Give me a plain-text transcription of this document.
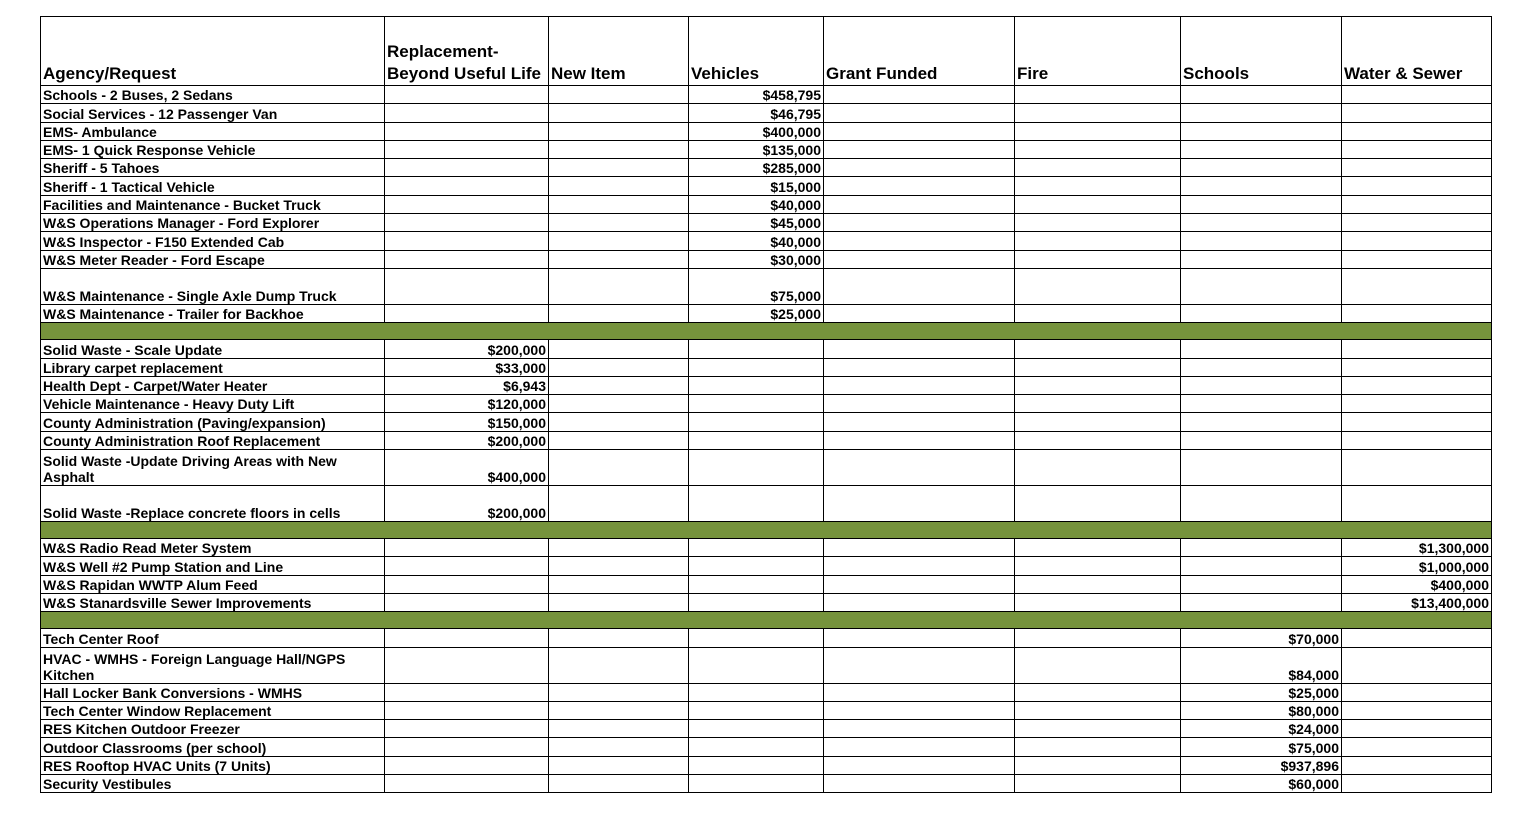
Agency/Request	Replacement- Beyond Useful Life	New Item	Vehicles	Grant Funded	Fire	Schools	Water & Sewer
Schools - 2 Buses, 2 Sedans			$458,795				
Social Services - 12 Passenger Van			$46,795				
EMS- Ambulance			$400,000				
EMS- 1 Quick Response Vehicle			$135,000				
Sheriff - 5 Tahoes			$285,000				
Sheriff - 1 Tactical Vehicle			$15,000				
Facilities and Maintenance - Bucket Truck			$40,000				
W&S Operations Manager - Ford Explorer			$45,000				
W&S Inspector - F150 Extended Cab			$40,000				
W&S Meter Reader - Ford Escape			$30,000				
W&S Maintenance - Single Axle Dump Truck			$75,000				
W&S Maintenance - Trailer for Backhoe			$25,000				

Solid Waste - Scale Update	$200,000						
Library carpet replacement	$33,000						
Health Dept - Carpet/Water Heater	$6,943						
Vehicle Maintenance - Heavy Duty Lift	$120,000						
County Administration (Paving/expansion)	$150,000						
County Administration Roof Replacement	$200,000						
Solid Waste -Update Driving Areas with New Asphalt	$400,000						
Solid Waste -Replace concrete floors in cells	$200,000						

W&S Radio Read Meter System							$1,300,000
W&S Well #2 Pump Station and Line							$1,000,000
W&S Rapidan WWTP Alum Feed							$400,000
W&S Stanardsville Sewer Improvements							$13,400,000

Tech Center Roof						$70,000	
HVAC - WMHS - Foreign Language Hall/NGPS Kitchen						$84,000	
Hall Locker Bank Conversions - WMHS						$25,000	
Tech Center Window Replacement						$80,000	
RES Kitchen Outdoor Freezer						$24,000	
Outdoor Classrooms (per school)						$75,000	
RES Rooftop HVAC Units (7 Units)						$937,896	
Security Vestibules						$60,000	
